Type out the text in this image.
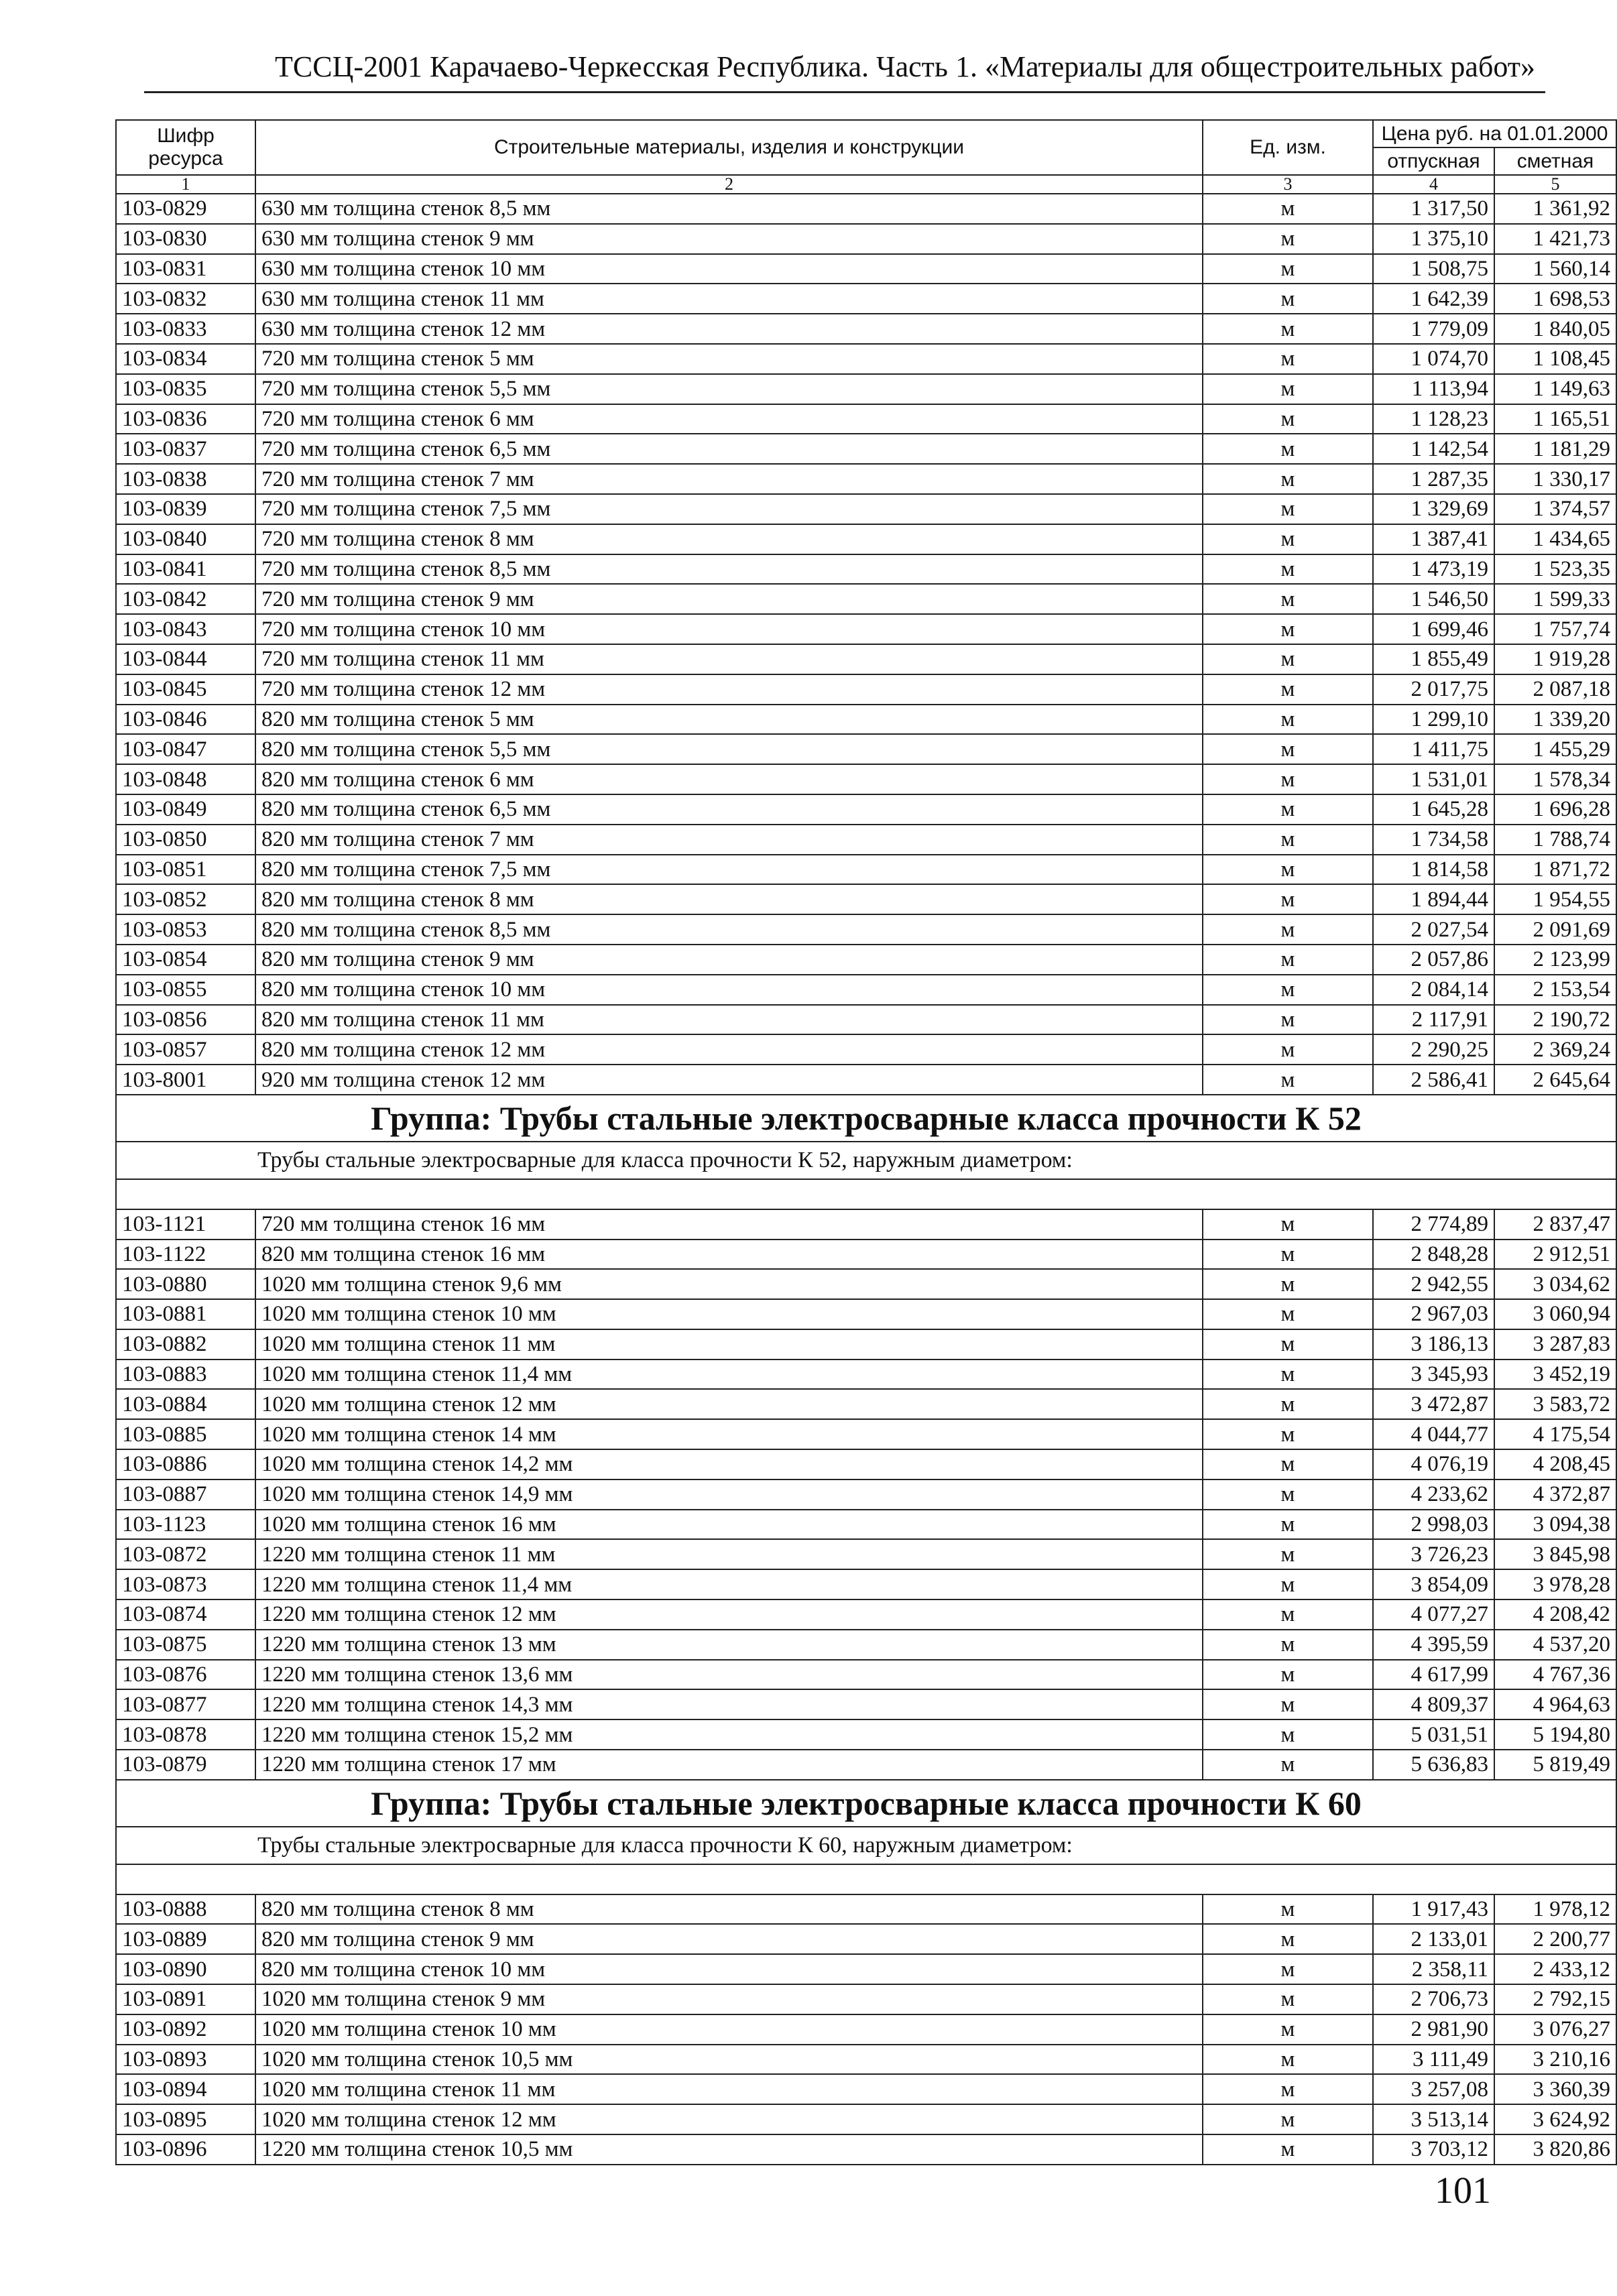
ТССЦ-2001 Карачаево-Черкесская Республика. Часть 1. «Материалы для общестроительных работ»
Шифр ресурса	Строительные материалы, изделия и конструкции	Ед. изм.	Цена руб. на 01.01.2000	
			отпускная	сметная
1	2	3	4	5
103-0829	630 мм толщина стенок 8,5 мм	м	1 317,50	1 361,92
103-0830	630 мм толщина стенок 9 мм	м	1 375,10	1 421,73
103-0831	630 мм толщина стенок 10 мм	м	1 508,75	1 560,14
103-0832	630 мм толщина стенок 11 мм	м	1 642,39	1 698,53
103-0833	630 мм толщина стенок 12 мм	м	1 779,09	1 840,05
103-0834	720 мм толщина стенок 5 мм	м	1 074,70	1 108,45
103-0835	720 мм толщина стенок 5,5 мм	м	1 113,94	1 149,63
103-0836	720 мм толщина стенок 6 мм	м	1 128,23	1 165,51
103-0837	720 мм толщина стенок 6,5 мм	м	1 142,54	1 181,29
103-0838	720 мм толщина стенок 7 мм	м	1 287,35	1 330,17
103-0839	720 мм толщина стенок 7,5 мм	м	1 329,69	1 374,57
103-0840	720 мм толщина стенок 8 мм	м	1 387,41	1 434,65
103-0841	720 мм толщина стенок 8,5 мм	м	1 473,19	1 523,35
103-0842	720 мм толщина стенок 9 мм	м	1 546,50	1 599,33
103-0843	720 мм толщина стенок 10 мм	м	1 699,46	1 757,74
103-0844	720 мм толщина стенок 11 мм	м	1 855,49	1 919,28
103-0845	720 мм толщина стенок 12 мм	м	2 017,75	2 087,18
103-0846	820 мм толщина стенок 5 мм	м	1 299,10	1 339,20
103-0847	820 мм толщина стенок 5,5 мм	м	1 411,75	1 455,29
103-0848	820 мм толщина стенок 6 мм	м	1 531,01	1 578,34
103-0849	820 мм толщина стенок 6,5 мм	м	1 645,28	1 696,28
103-0850	820 мм толщина стенок 7 мм	м	1 734,58	1 788,74
103-0851	820 мм толщина стенок 7,5 мм	м	1 814,58	1 871,72
103-0852	820 мм толщина стенок 8 мм	м	1 894,44	1 954,55
103-0853	820 мм толщина стенок 8,5 мм	м	2 027,54	2 091,69
103-0854	820 мм толщина стенок 9 мм	м	2 057,86	2 123,99
103-0855	820 мм толщина стенок 10 мм	м	2 084,14	2 153,54
103-0856	820 мм толщина стенок 11 мм	м	2 117,91	2 190,72
103-0857	820 мм толщина стенок 12 мм	м	2 290,25	2 369,24
103-8001	920 мм толщина стенок 12 мм	м	2 586,41	2 645,64
Группа: Трубы стальные электросварные класса прочности К 52				
Трубы стальные электросварные для класса прочности К 52, наружным диаметром:				

103-1121	720 мм толщина стенок 16 мм	м	2 774,89	2 837,47
103-1122	820 мм толщина стенок 16 мм	м	2 848,28	2 912,51
103-0880	1020 мм толщина стенок 9,6 мм	м	2 942,55	3 034,62
103-0881	1020 мм толщина стенок 10 мм	м	2 967,03	3 060,94
103-0882	1020 мм толщина стенок 11 мм	м	3 186,13	3 287,83
103-0883	1020 мм толщина стенок 11,4 мм	м	3 345,93	3 452,19
103-0884	1020 мм толщина стенок 12 мм	м	3 472,87	3 583,72
103-0885	1020 мм толщина стенок 14 мм	м	4 044,77	4 175,54
103-0886	1020 мм толщина стенок 14,2 мм	м	4 076,19	4 208,45
103-0887	1020 мм толщина стенок 14,9 мм	м	4 233,62	4 372,87
103-1123	1020 мм толщина стенок 16 мм	м	2 998,03	3 094,38
103-0872	1220 мм толщина стенок 11 мм	м	3 726,23	3 845,98
103-0873	1220 мм толщина стенок 11,4 мм	м	3 854,09	3 978,28
103-0874	1220 мм толщина стенок 12 мм	м	4 077,27	4 208,42
103-0875	1220 мм толщина стенок 13 мм	м	4 395,59	4 537,20
103-0876	1220 мм толщина стенок 13,6 мм	м	4 617,99	4 767,36
103-0877	1220 мм толщина стенок 14,3 мм	м	4 809,37	4 964,63
103-0878	1220 мм толщина стенок 15,2 мм	м	5 031,51	5 194,80
103-0879	1220 мм толщина стенок 17 мм	м	5 636,83	5 819,49
Группа: Трубы стальные электросварные класса прочности К 60				
Трубы стальные электросварные для класса прочности К 60, наружным диаметром:				

103-0888	820 мм толщина стенок 8 мм	м	1 917,43	1 978,12
103-0889	820 мм толщина стенок 9 мм	м	2 133,01	2 200,77
103-0890	820 мм толщина стенок 10 мм	м	2 358,11	2 433,12
103-0891	1020 мм толщина стенок 9 мм	м	2 706,73	2 792,15
103-0892	1020 мм толщина стенок 10 мм	м	2 981,90	3 076,27
103-0893	1020 мм толщина стенок 10,5 мм	м	3 111,49	3 210,16
103-0894	1020 мм толщина стенок 11 мм	м	3 257,08	3 360,39
103-0895	1020 мм толщина стенок 12 мм	м	3 513,14	3 624,92
103-0896	1220 мм толщина стенок 10,5 мм	м	3 703,12	3 820,86
101
